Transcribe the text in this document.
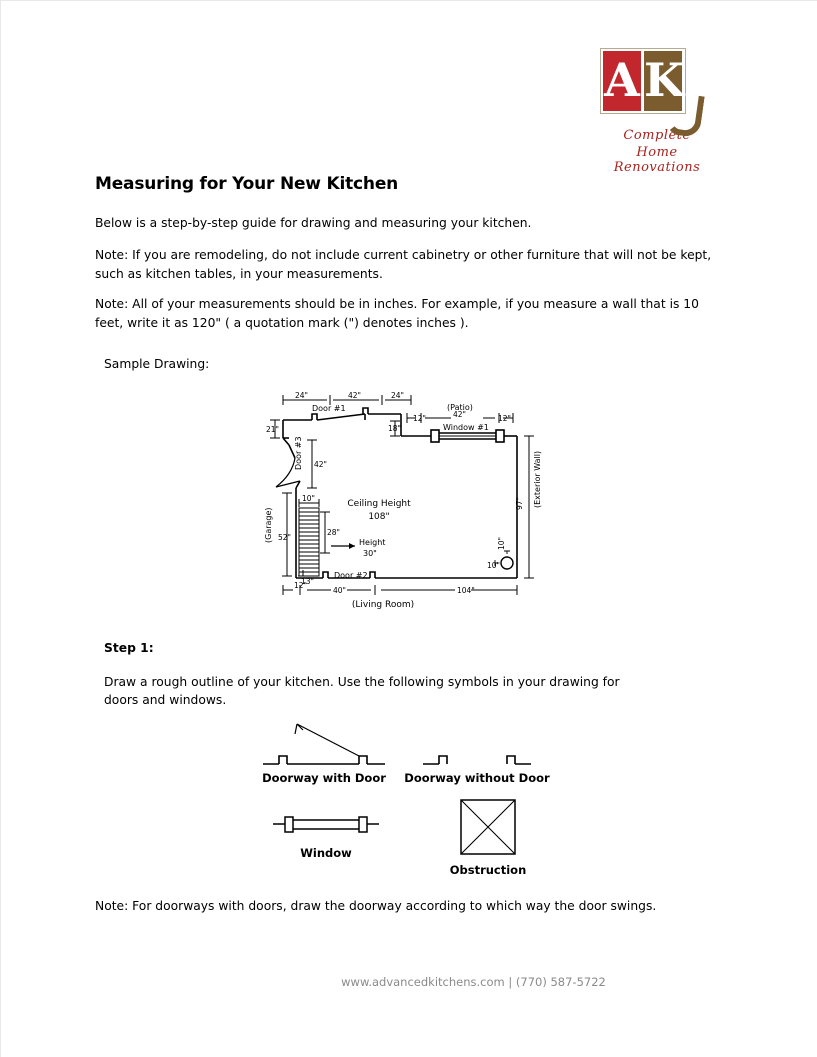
A K
Complete
Home Renovations
Measuring for Your New Kitchen
Below is a step-by-step guide for drawing and measuring your kitchen.
Note: If you are remodeling, do not include current cabinetry or other furniture that will not be kept, such as kitchen tables, in your measurements.
Note: All of your measurements should be in inches. For example, if you measure a wall that is 10 feet, write it as 120" ( a quotation mark (") denotes inches ).
Sample Drawing:
24"	42"	24"
12"	42"	12"
21"	18"
42"
52"
10"
28"
13"
97"
10"
10"
12"
40"	104"
Door #1	(Patio)
Window #1
Door #3
(Garage)	Height
30"
Ceiling Height
108"
(Exterior Wall)
Door #2
(Living Room)
Step 1:
Draw a rough outline of your kitchen. Use the following symbols in your drawing for doors and windows.
Doorway with Door Doorway without Door
Window
Obstruction
Note: For doorways with doors, draw the doorway according to which way the door swings.
www.advancedkitchens.com | (770) 587-5722
